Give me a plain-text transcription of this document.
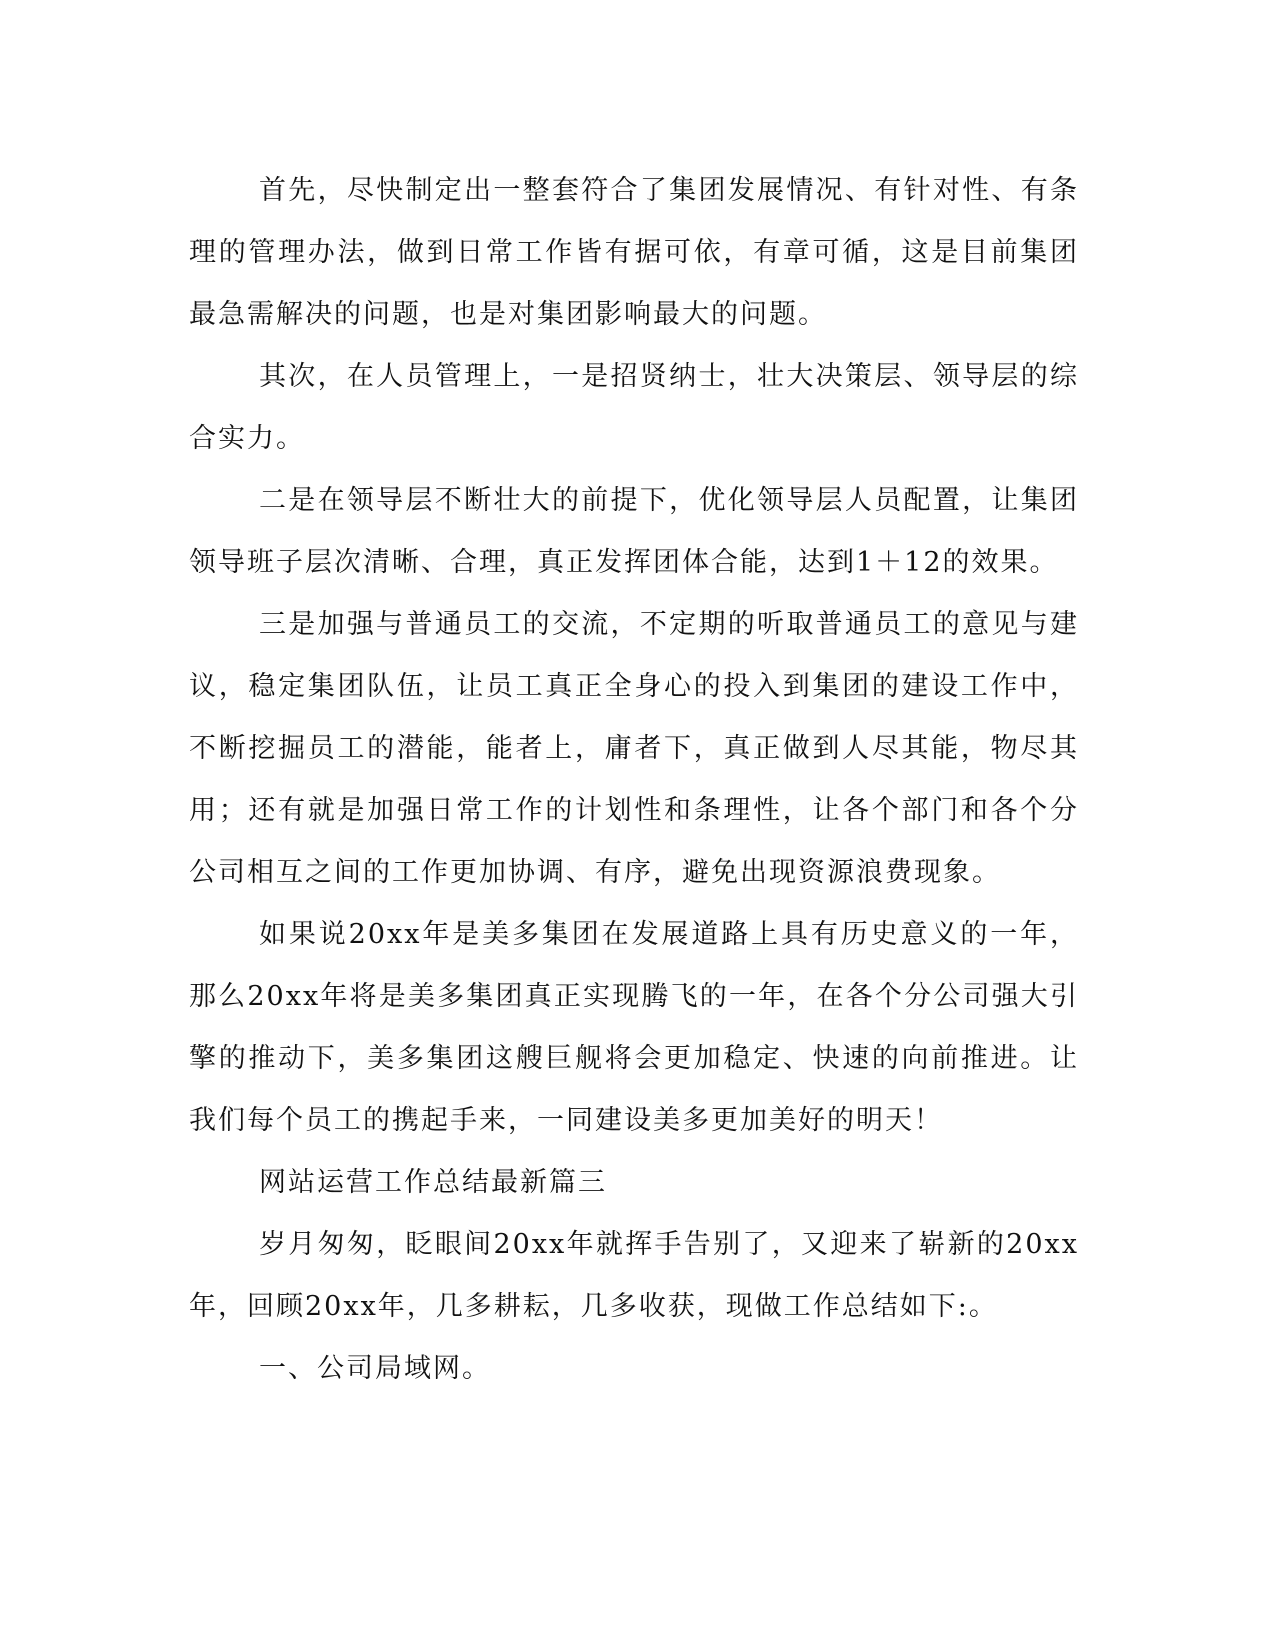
首先，尽快制定出一整套符合了集团发展情况、有针对性、有条理的管理办法，做到日常工作皆有据可依，有章可循，这是目前集团最急需解决的问题，也是对集团影响最大的问题。

其次，在人员管理上，一是招贤纳士，壮大决策层、领导层的综合实力。

二是在领导层不断壮大的前提下，优化领导层人员配置，让集团领导班子层次清晰、合理，真正发挥团体合能，达到1＋12的效果。

三是加强与普通员工的交流，不定期的听取普通员工的意见与建议，稳定集团队伍，让员工真正全身心的投入到集团的建设工作中，不断挖掘员工的潜能，能者上，庸者下，真正做到人尽其能，物尽其用；还有就是加强日常工作的计划性和条理性，让各个部门和各个分公司相互之间的工作更加协调、有序，避免出现资源浪费现象。

如果说20xx年是美多集团在发展道路上具有历史意义的一年，那么20xx年将是美多集团真正实现腾飞的一年，在各个分公司强大引擎的推动下，美多集团这艘巨舰将会更加稳定、快速的向前推进。让我们每个员工的携起手来，一同建设美多更加美好的明天！

网站运营工作总结最新篇三

岁月匆匆，眨眼间20xx年就挥手告别了，又迎来了崭新的20xx年，回顾20xx年，几多耕耘，几多收获，现做工作总结如下:。

一、公司局域网。
